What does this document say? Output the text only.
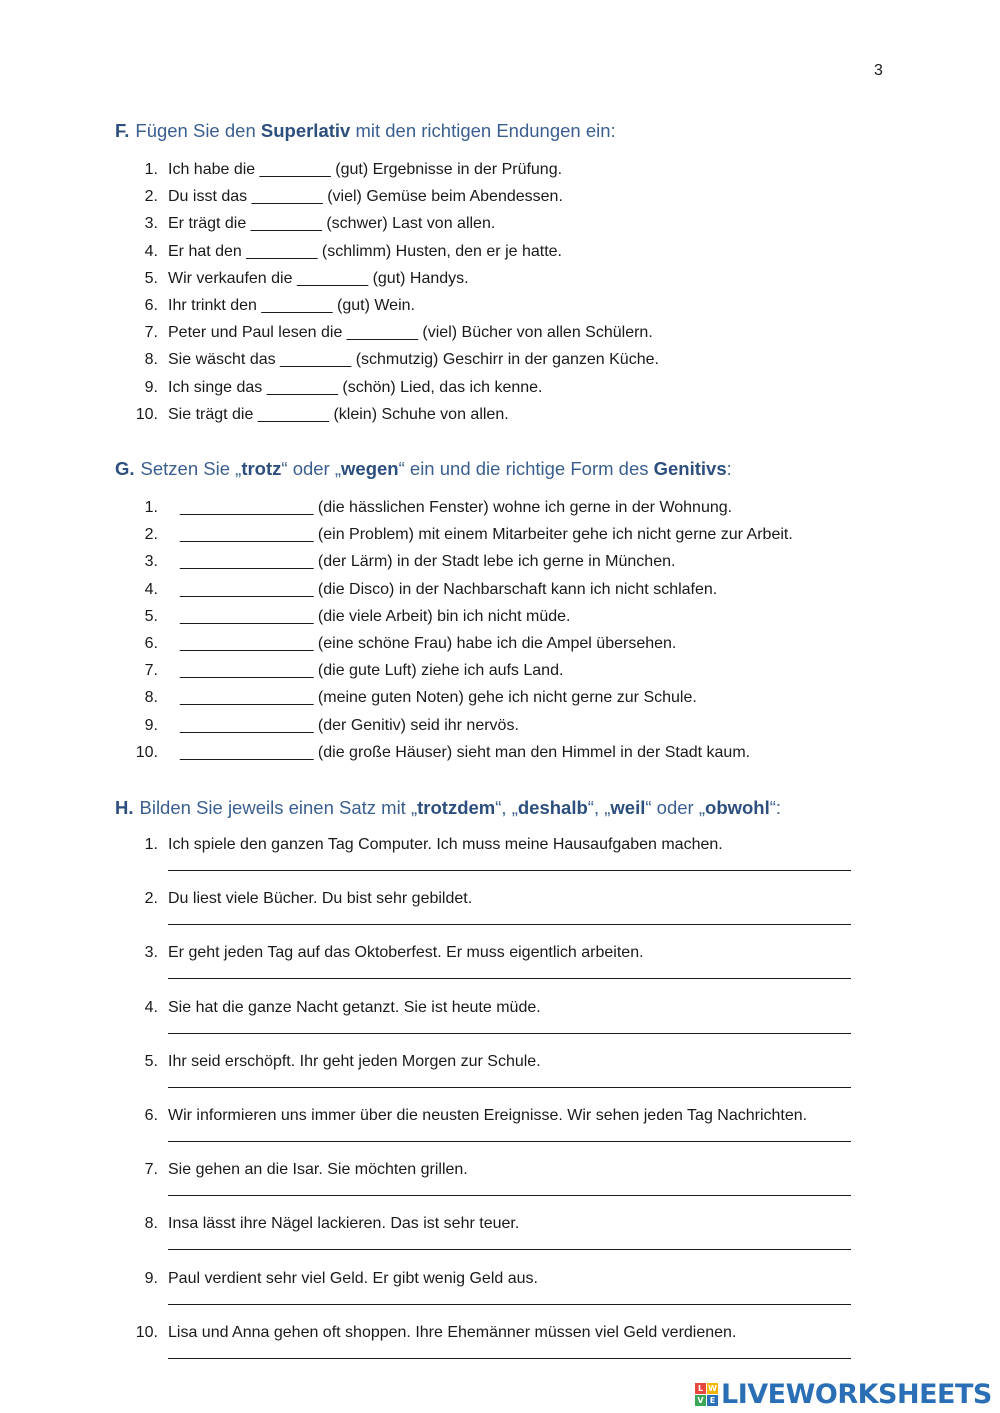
3
F. Fügen Sie den Superlativ mit den richtigen Endungen ein:
1. Ich habe die ________ (gut) Ergebnisse in der Prüfung.
2. Du isst das ________ (viel) Gemüse beim Abendessen.
3. Er trägt die ________ (schwer) Last von allen.
4. Er hat den ________ (schlimm) Husten, den er je hatte.
5. Wir verkaufen die ________ (gut) Handys.
6. Ihr trinkt den ________ (gut) Wein.
7. Peter und Paul lesen die ________ (viel) Bücher von allen Schülern.
8. Sie wäscht das ________ (schmutzig) Geschirr in der ganzen Küche.
9. Ich singe das ________ (schön) Lied, das ich kenne.
10. Sie trägt die ________ (klein) Schuhe von allen.
G. Setzen Sie „trotz“ oder „wegen“ ein und die richtige Form des Genitivs:
1. _______________ (die hässlichen Fenster) wohne ich gerne in der Wohnung.
2. _______________ (ein Problem) mit einem Mitarbeiter gehe ich nicht gerne zur Arbeit.
3. _______________ (der Lärm) in der Stadt lebe ich gerne in München.
4. _______________ (die Disco) in der Nachbarschaft kann ich nicht schlafen.
5. _______________ (die viele Arbeit) bin ich nicht müde.
6. _______________ (eine schöne Frau) habe ich die Ampel übersehen.
7. _______________ (die gute Luft) ziehe ich aufs Land.
8. _______________ (meine guten Noten) gehe ich nicht gerne zur Schule.
9. _______________ (der Genitiv) seid ihr nervös.
10. _______________ (die große Häuser) sieht man den Himmel in der Stadt kaum.
H. Bilden Sie jeweils einen Satz mit „trotzdem“, „deshalb“, „weil“ oder „obwohl“:
1. Ich spiele den ganzen Tag Computer. Ich muss meine Hausaufgaben machen.
2. Du liest viele Bücher. Du bist sehr gebildet.
3. Er geht jeden Tag auf das Oktoberfest. Er muss eigentlich arbeiten.
4. Sie hat die ganze Nacht getanzt. Sie ist heute müde.
5. Ihr seid erschöpft. Ihr geht jeden Morgen zur Schule.
6. Wir informieren uns immer über die neusten Ereignisse. Wir sehen jeden Tag Nachrichten.
7. Sie gehen an die Isar. Sie möchten grillen.
8. Insa lässt ihre Nägel lackieren. Das ist sehr teuer.
9. Paul verdient sehr viel Geld. Er gibt wenig Geld aus.
10. Lisa und Anna gehen oft shoppen. Ihre Ehemänner müssen viel Geld verdienen.
L W
V E LIVEWORKSHEETS
